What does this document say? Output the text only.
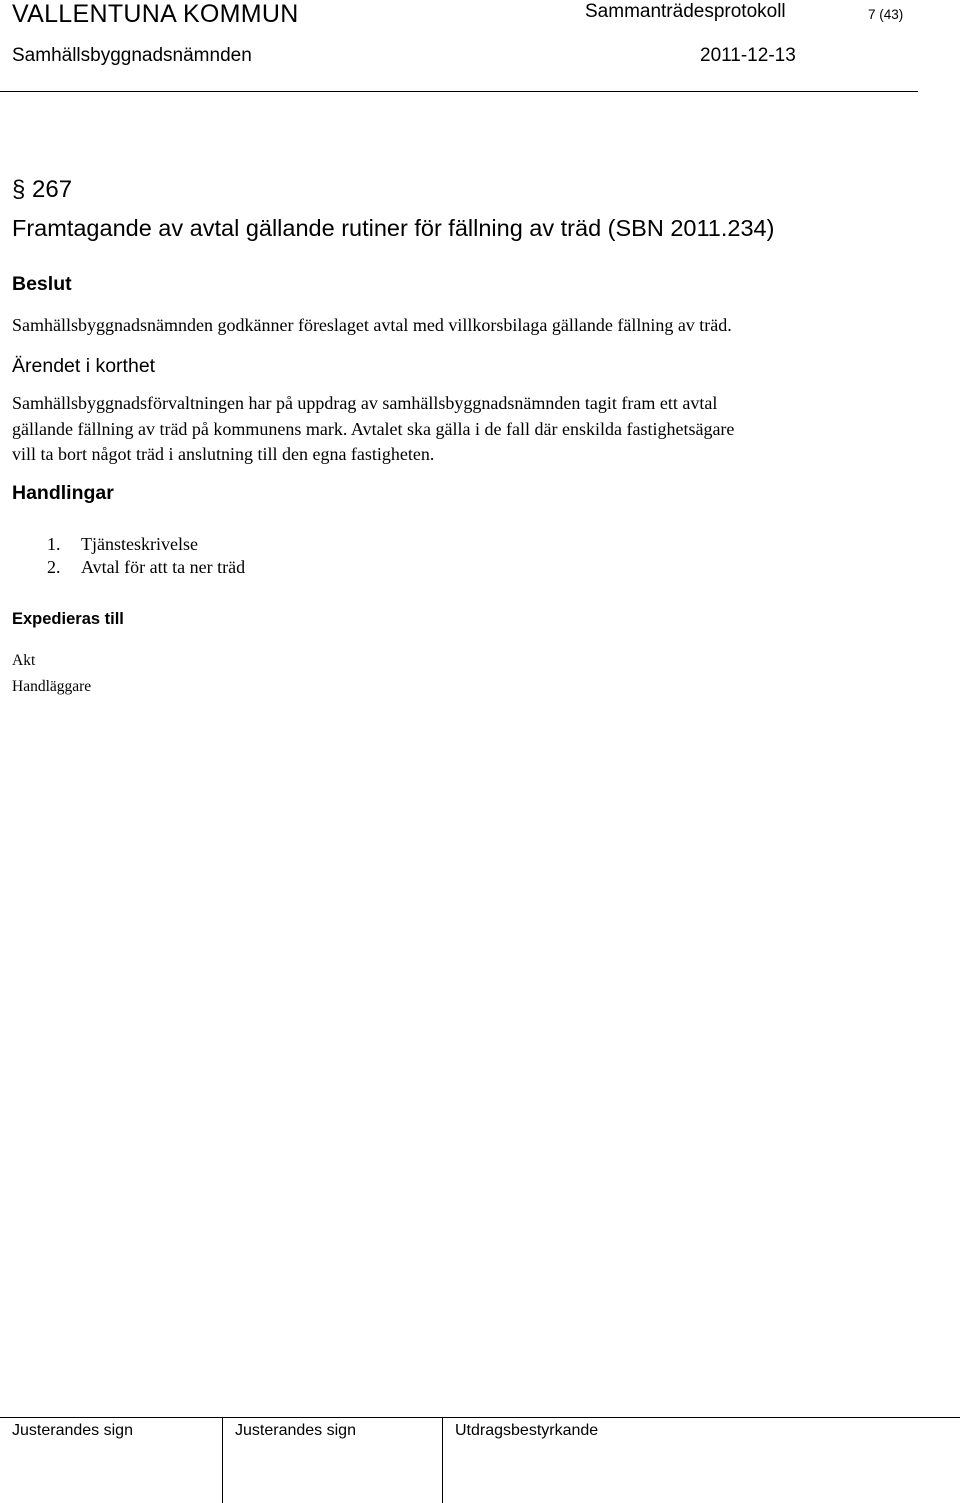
VALLENTUNA KOMMUN	Sammanträdesprotokoll	7 (43)
Samhällsbyggnadsnämnden	2011-12-13
§ 267
Framtagande av avtal gällande rutiner för fällning av träd (SBN 2011.234)
Beslut
Samhällsbyggnadsnämnden godkänner föreslaget avtal med villkorsbilaga gällande fällning av träd.
Ärendet i korthet
Samhällsbyggnadsförvaltningen har på uppdrag av samhällsbyggnadsnämnden tagit fram ett avtal
gällande fällning av träd på kommunens mark. Avtalet ska gälla i de fall där enskilda fastighetsägare
vill ta bort något träd i anslutning till den egna fastigheten.
Handlingar
1. Tjänsteskrivelse
2. Avtal för att ta ner träd
Expedieras till
Akt
Handläggare
Justerandes sign	Justerandes sign	Utdragsbestyrkande
